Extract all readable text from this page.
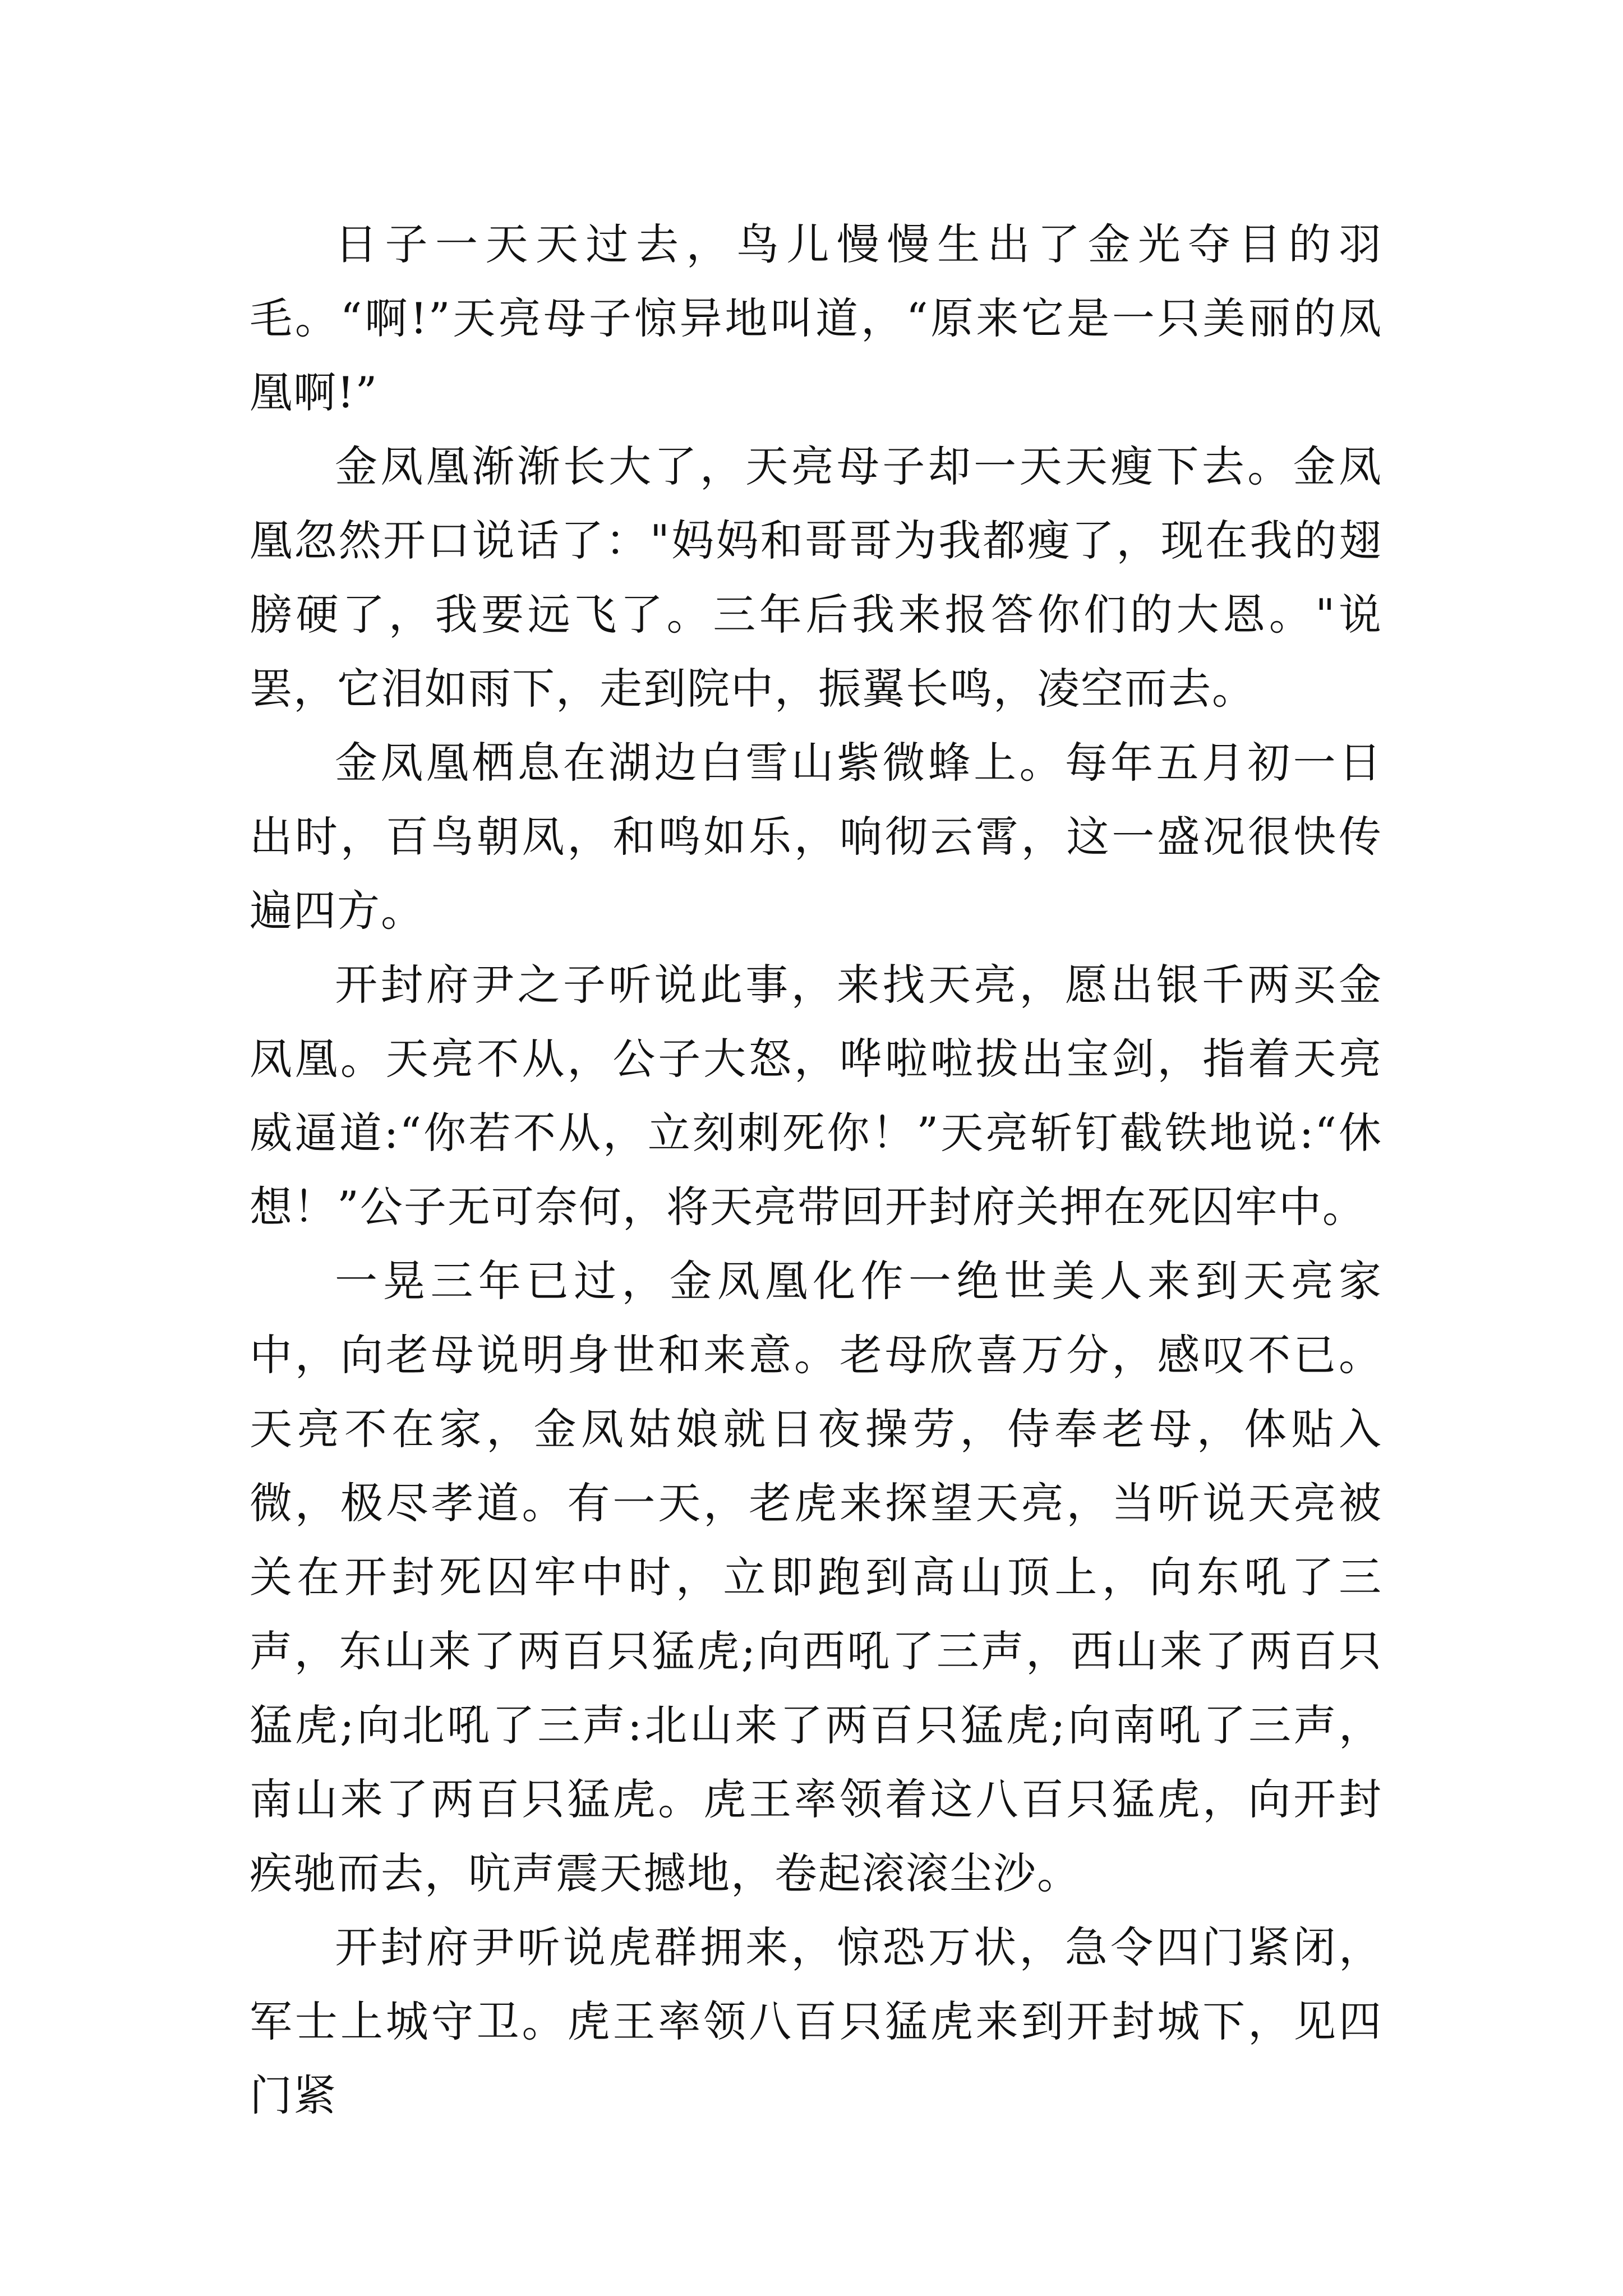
日子一天天过去，鸟儿慢慢生出了金光夺目的羽毛。“啊!”天亮母子惊异地叫道，“原来它是一只美丽的凤凰啊!”

金凤凰渐渐长大了，天亮母子却一天天瘦下去。金凤凰忽然开口说话了："妈妈和哥哥为我都瘦了，现在我的翅膀硬了，我要远飞了。三年后我来报答你们的大恩。"说罢，它泪如雨下，走到院中，振翼长鸣，凌空而去。

金凤凰栖息在湖边白雪山紫微蜂上。每年五月初一日出时，百鸟朝凤，和鸣如乐，响彻云霄，这一盛况很快传遍四方。

开封府尹之子听说此事，来找天亮，愿出银千两买金凤凰。天亮不从，公子大怒，哗啦啦拔出宝剑，指着天亮威逼道:“你若不从，立刻刺死你！”天亮斩钉截铁地说:“休想！”公子无可奈何，将天亮带回开封府关押在死囚牢中。

一晃三年已过，金凤凰化作一绝世美人来到天亮家中，向老母说明身世和来意。老母欣喜万分，感叹不已。天亮不在家，金凤姑娘就日夜操劳，侍奉老母，体贴入微，极尽孝道。有一天，老虎来探望天亮，当听说天亮被关在开封死囚牢中时，立即跑到高山顶上，向东吼了三声，东山来了两百只猛虎;向西吼了三声，西山来了两百只猛虎;向北吼了三声:北山来了两百只猛虎;向南吼了三声，南山来了两百只猛虎。虎王率领着这八百只猛虎，向开封疾驰而去，吭声震天撼地，卷起滚滚尘沙。

开封府尹听说虎群拥来，惊恐万状，急令四门紧闭，军士上城守卫。虎王率领八百只猛虎来到开封城下，见四门紧
